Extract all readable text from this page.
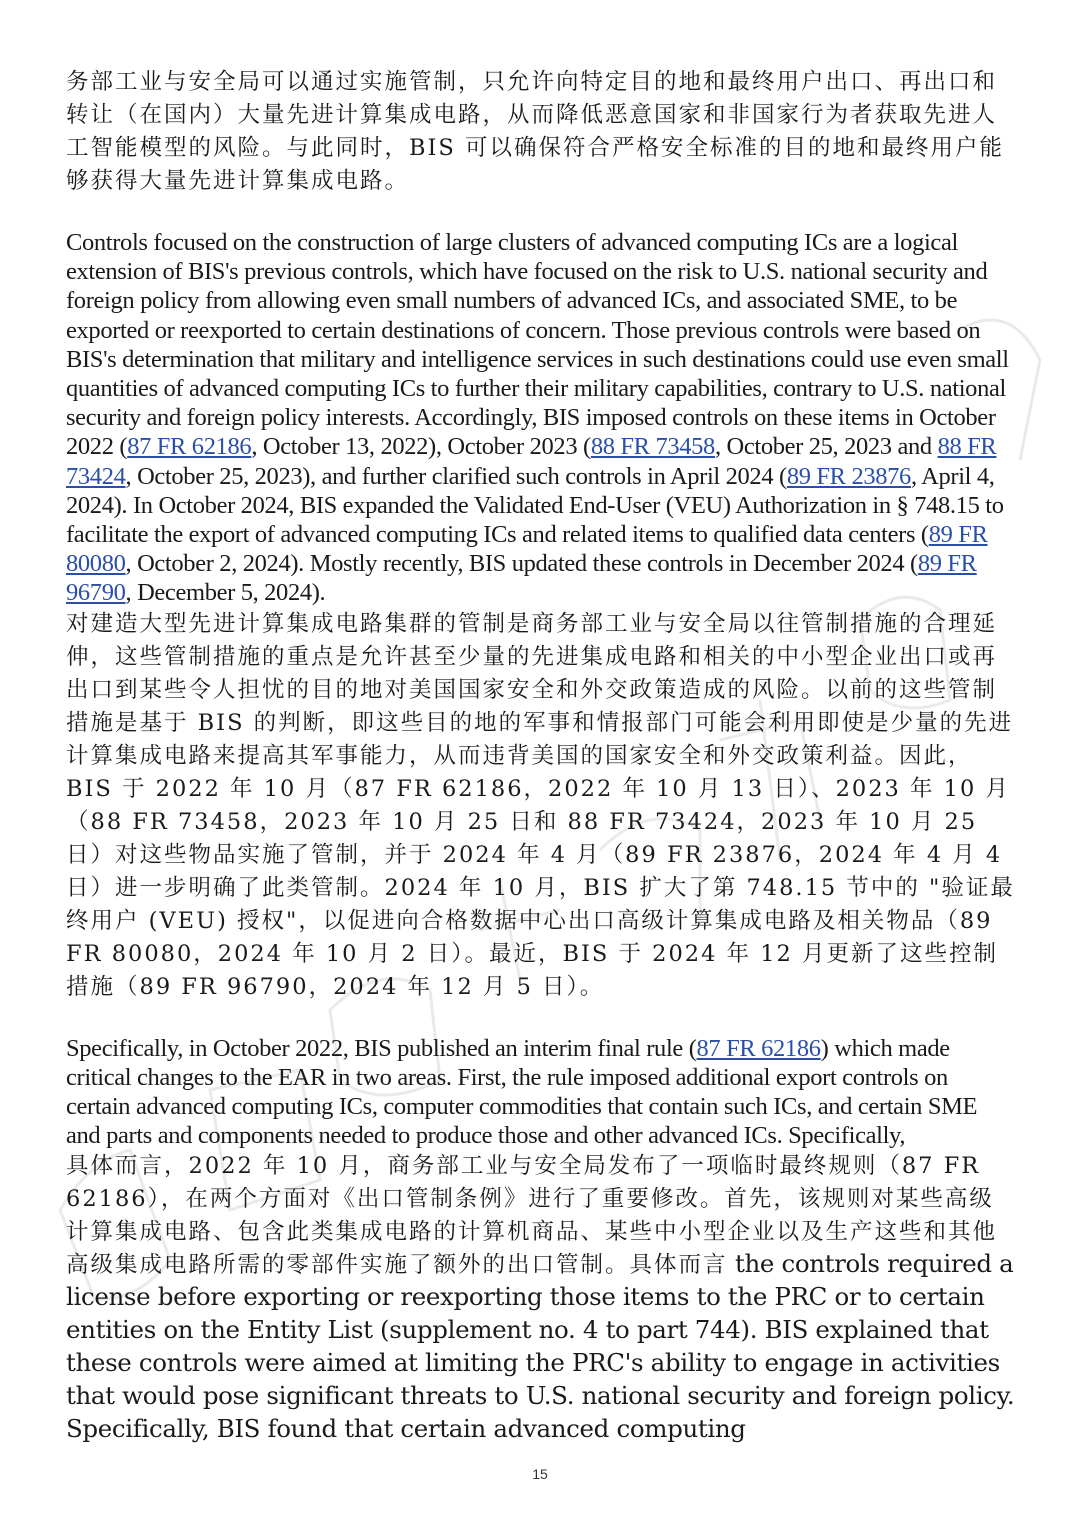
务部工业与安全局可以通过实施管制，只允许向特定目的地和最终用户出口、再出口和转让（在国内）大量先进计算集成电路，从而降低恶意国家和非国家行为者获取先进人工智能模型的风险。与此同时，BIS 可以确保符合严格安全标准的目的地和最终用户能够获得大量先进计算集成电路。

Controls focused on the construction of large clusters of advanced computing ICs are a logical extension of BIS's previous controls, which have focused on the risk to U.S. national security and foreign policy from allowing even small numbers of advanced ICs, and associated SME, to be exported or reexported to certain destinations of concern. Those previous controls were based on BIS's determination that military and intelligence services in such destinations could use even small quantities of advanced computing ICs to further their military capabilities, contrary to U.S. national security and foreign policy interests. Accordingly, BIS imposed controls on these items in October 2022 (87 FR 62186, October 13, 2022), October 2023 (88 FR 73458, October 25, 2023 and 88 FR 73424, October 25, 2023), and further clarified such controls in April 2024 (89 FR 23876, April 4, 2024). In October 2024, BIS expanded the Validated End-User (VEU) Authorization in § 748.15 to facilitate the export of advanced computing ICs and related items to qualified data centers (89 FR 80080, October 2, 2024). Mostly recently, BIS updated these controls in December 2024 (89 FR 96790, December 5, 2024).

对建造大型先进计算集成电路集群的管制是商务部工业与安全局以往管制措施的合理延伸，这些管制措施的重点是允许甚至少量的先进集成电路和相关的中小型企业出口或再出口到某些令人担忧的目的地对美国国家安全和外交政策造成的风险。以前的这些管制措施是基于 BIS 的判断，即这些目的地的军事和情报部门可能会利用即使是少量的先进计算集成电路来提高其军事能力，从而违背美国的国家安全和外交政策利益。因此，BIS 于 2022 年 10 月（87 FR 62186，2022 年 10 月 13 日）、2023 年 10 月（88 FR 73458，2023 年 10 月 25 日和 88 FR 73424，2023 年 10 月 25 日）对这些物品实施了管制，并于 2024 年 4 月（89 FR 23876，2024 年 4 月 4 日）进一步明确了此类管制。2024 年 10 月，BIS 扩大了第 748.15 节中的 "验证最终用户 (VEU) 授权"，以促进向合格数据中心出口高级计算集成电路及相关物品（89 FR 80080，2024 年 10 月 2 日）。最近，BIS 于 2024 年 12 月更新了这些控制措施（89 FR 96790，2024 年 12 月 5 日）。

Specifically, in October 2022, BIS published an interim final rule (87 FR 62186) which made critical changes to the EAR in two areas. First, the rule imposed additional export controls on certain advanced computing ICs, computer commodities that contain such ICs, and certain SME and parts and components needed to produce those and other advanced ICs. Specifically,

具体而言，2022 年 10 月，商务部工业与安全局发布了一项临时最终规则（87 FR 62186），在两个方面对《出口管制条例》进行了重要修改。首先，该规则对某些高级计算集成电路、包含此类集成电路的计算机商品、某些中小型企业以及生产这些和其他高级集成电路所需的零部件实施了额外的出口管制。具体而言 the controls required a license before exporting or reexporting those items to the PRC or to certain entities on the Entity List (supplement no. 4 to part 744). BIS explained that these controls were aimed at limiting the PRC's ability to engage in activities that would pose significant threats to U.S. national security and foreign policy. Specifically, BIS found that certain advanced computing

15
